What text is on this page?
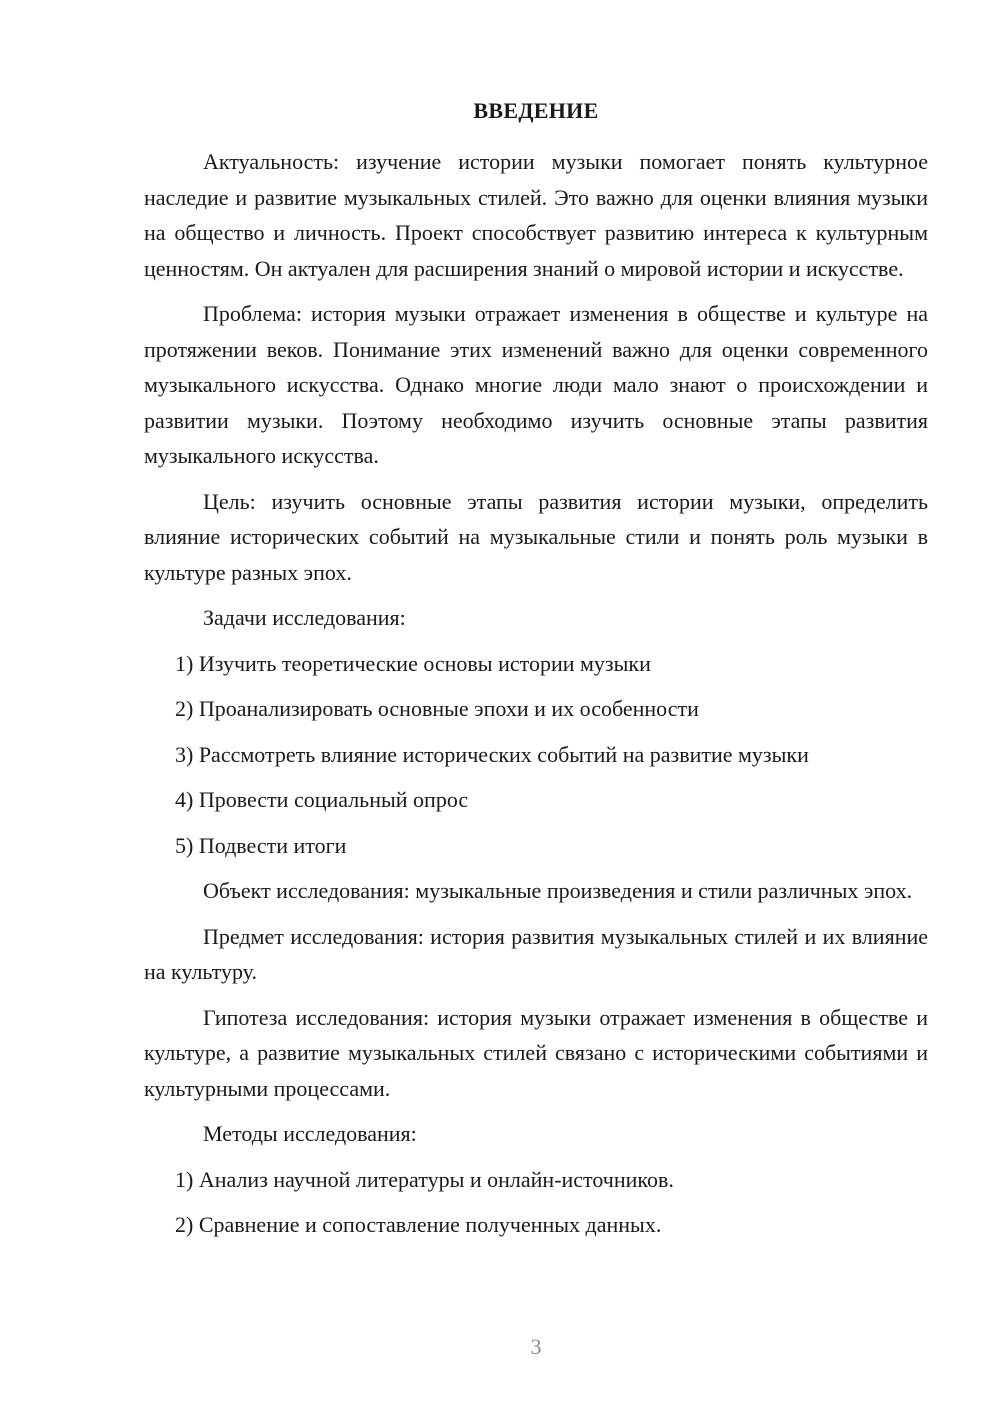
ВВЕДЕНИЕ

Актуальность: изучение истории музыки помогает понять культурное наследие и развитие музыкальных стилей. Это важно для оценки влияния музыки на общество и личность. Проект способствует развитию интереса к культурным ценностям. Он актуален для расширения знаний о мировой истории и искусстве.

Проблема: история музыки отражает изменения в обществе и культуре на протяжении веков. Понимание этих изменений важно для оценки современного музыкального искусства. Однако многие люди мало знают о происхождении и развитии музыки. Поэтому необходимо изучить основные этапы развития музыкального искусства.

Цель: изучить основные этапы развития истории музыки, определить влияние исторических событий на музыкальные стили и понять роль музыки в культуре разных эпох.

Задачи исследования:

1) Изучить теоретические основы истории музыки
2) Проанализировать основные эпохи и их особенности
3) Рассмотреть влияние исторических событий на развитие музыки
4) Провести социальный опрос
5) Подвести итоги

Объект исследования: музыкальные произведения и стили различных эпох.

Предмет исследования: история развития музыкальных стилей и их влияние на культуру.

Гипотеза исследования: история музыки отражает изменения в обществе и культуре, а развитие музыкальных стилей связано с историческими событиями и культурными процессами.

Методы исследования:

1) Анализ научной литературы и онлайн-источников.
2) Сравнение и сопоставление полученных данных.
3
